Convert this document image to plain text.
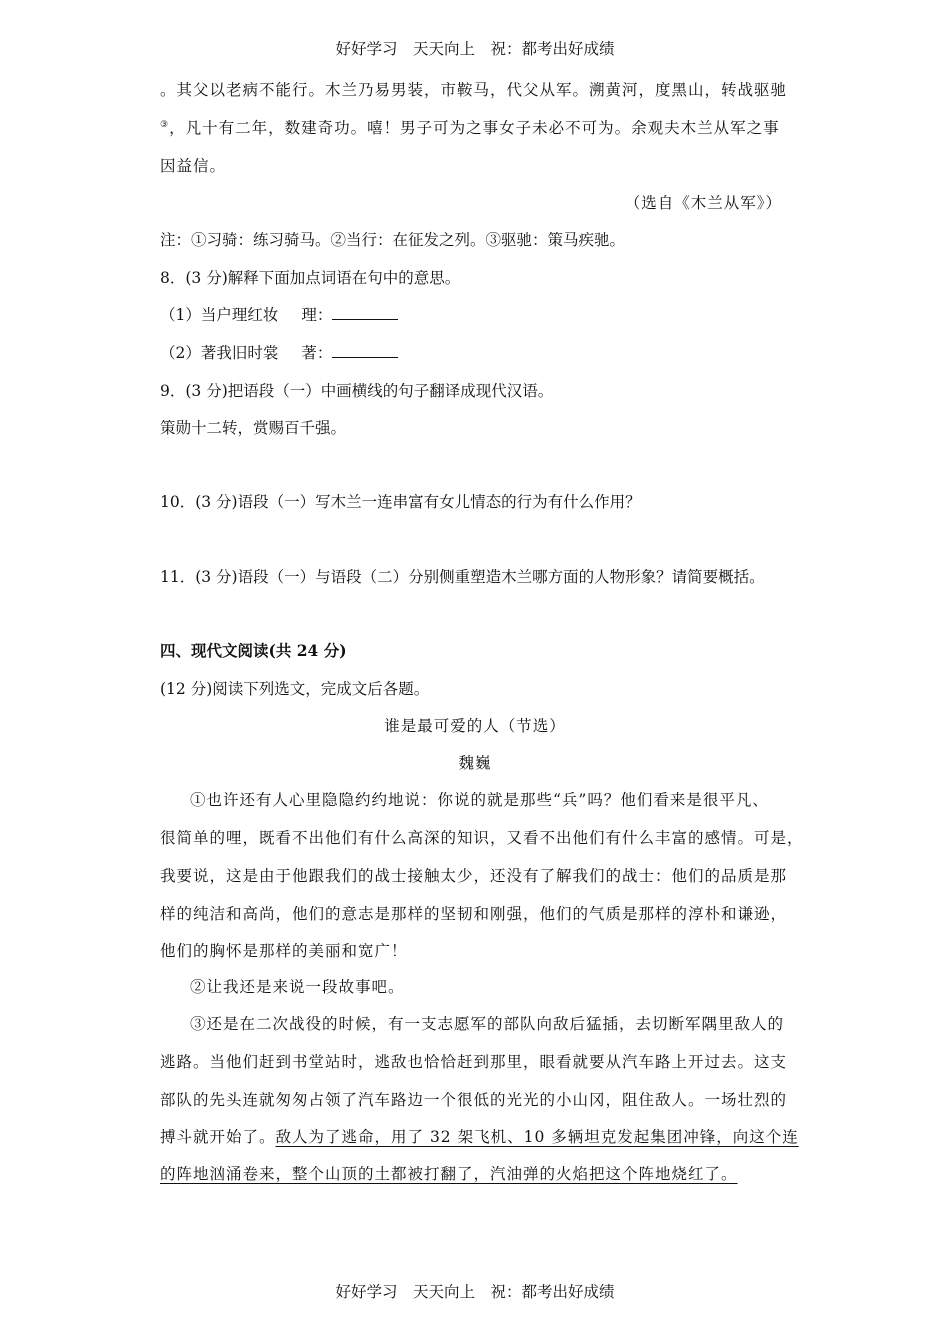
好好学习　天天向上　祝：都考出好成绩
。其父以老病不能行。木兰乃易男装，市鞍马，代父从军。溯黄河，度黑山，转战驱驰
③，凡十有二年，数建奇功。嘻！男子可为之事女子未必不可为。余观夫木兰从军之事
因益信。
（选自《木兰从军》）
注：①习骑：练习骑马。②当行：在征发之列。③驱驰：策马疾驰。
8．(3 分)解释下面加点词语在句中的意思。
（1）当户理红妆 理：
（2）著我旧时裳 著：
9．(3 分)把语段（一）中画横线的句子翻译成现代汉语。
策勋十二转，赏赐百千强。
10．(3 分)语段（一）写木兰一连串富有女儿情态的行为有什么作用？
11．(3 分)语段（一）与语段（二）分别侧重塑造木兰哪方面的人物形象？请简要概括。
四、现代文阅读(共 24 分)
(12 分)阅读下列选文，完成文后各题。
谁是最可爱的人（节选）
魏巍
①也许还有人心里隐隐约约地说：你说的就是那些“兵”吗？他们看来是很平凡、
很简单的哩，既看不出他们有什么高深的知识，又看不出他们有什么丰富的感情。可是，
我要说，这是由于他跟我们的战士接触太少，还没有了解我们的战士：他们的品质是那
样的纯洁和高尚，他们的意志是那样的坚韧和刚强，他们的气质是那样的淳朴和谦逊，
他们的胸怀是那样的美丽和宽广！
②让我还是来说一段故事吧。
③还是在二次战役的时候，有一支志愿军的部队向敌后猛插，去切断军隅里敌人的
逃路。当他们赶到书堂站时，逃敌也恰恰赶到那里，眼看就要从汽车路上开过去。这支
部队的先头连就匆匆占领了汽车路边一个很低的光光的小山冈，阻住敌人。一场壮烈的
搏斗就开始了。敌人为了逃命，用了 32 架飞机、10 多辆坦克发起集团冲锋，向这个连
的阵地汹涌卷来，整个山顶的土都被打翻了，汽油弹的火焰把这个阵地烧红了。
好好学习　天天向上　祝：都考出好成绩
